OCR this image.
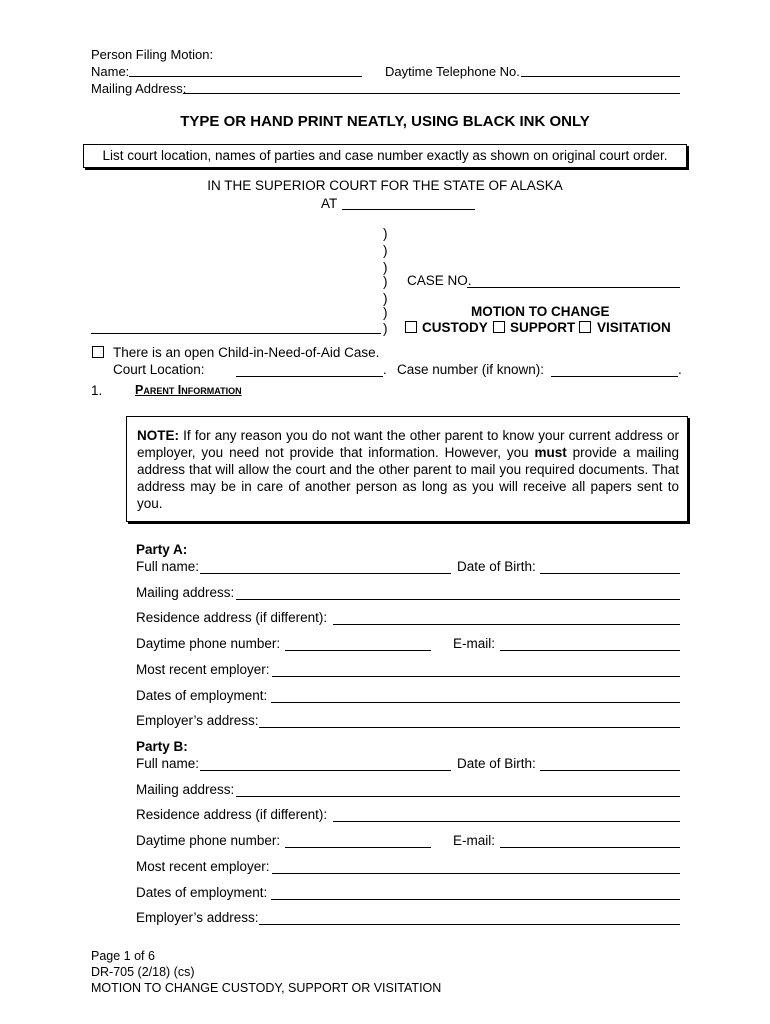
Person Filing Motion:
Name:	Daytime Telephone No.
Mailing Address:
TYPE OR HAND PRINT NEATLY, USING BLACK INK ONLY
List court location, names of parties and case number exactly as shown on original court order.
IN THE SUPERIOR COURT FOR THE STATE OF ALASKA
AT
)
)
)
)
)
)
)
CASE NO.
MOTION TO CHANGE
CUSTODY SUPPORT VISITATION
There is an open Child-in-Need-of-Aid Case.
Court Location:	. Case number (if known):	.
1.	Parent Information
NOTE: If for any reason you do not want the other parent to know your current address or employer, you need not provide that information. However, you must provide a mailing address that will allow the court and the other parent to mail you required documents. That address may be in care of another person as long as you will receive all papers sent to you.
Party A:
Full name:	Date of Birth:
Mailing address:
Residence address (if different):
Daytime phone number:	E-mail:
Most recent employer:
Dates of employment:
Employer’s address:
Party B:
Full name:	Date of Birth:
Mailing address:
Residence address (if different):
Daytime phone number:	E-mail:
Most recent employer:
Dates of employment:
Employer’s address:
Page 1 of 6
DR-705 (2/18) (cs)
MOTION TO CHANGE CUSTODY, SUPPORT OR VISITATION
